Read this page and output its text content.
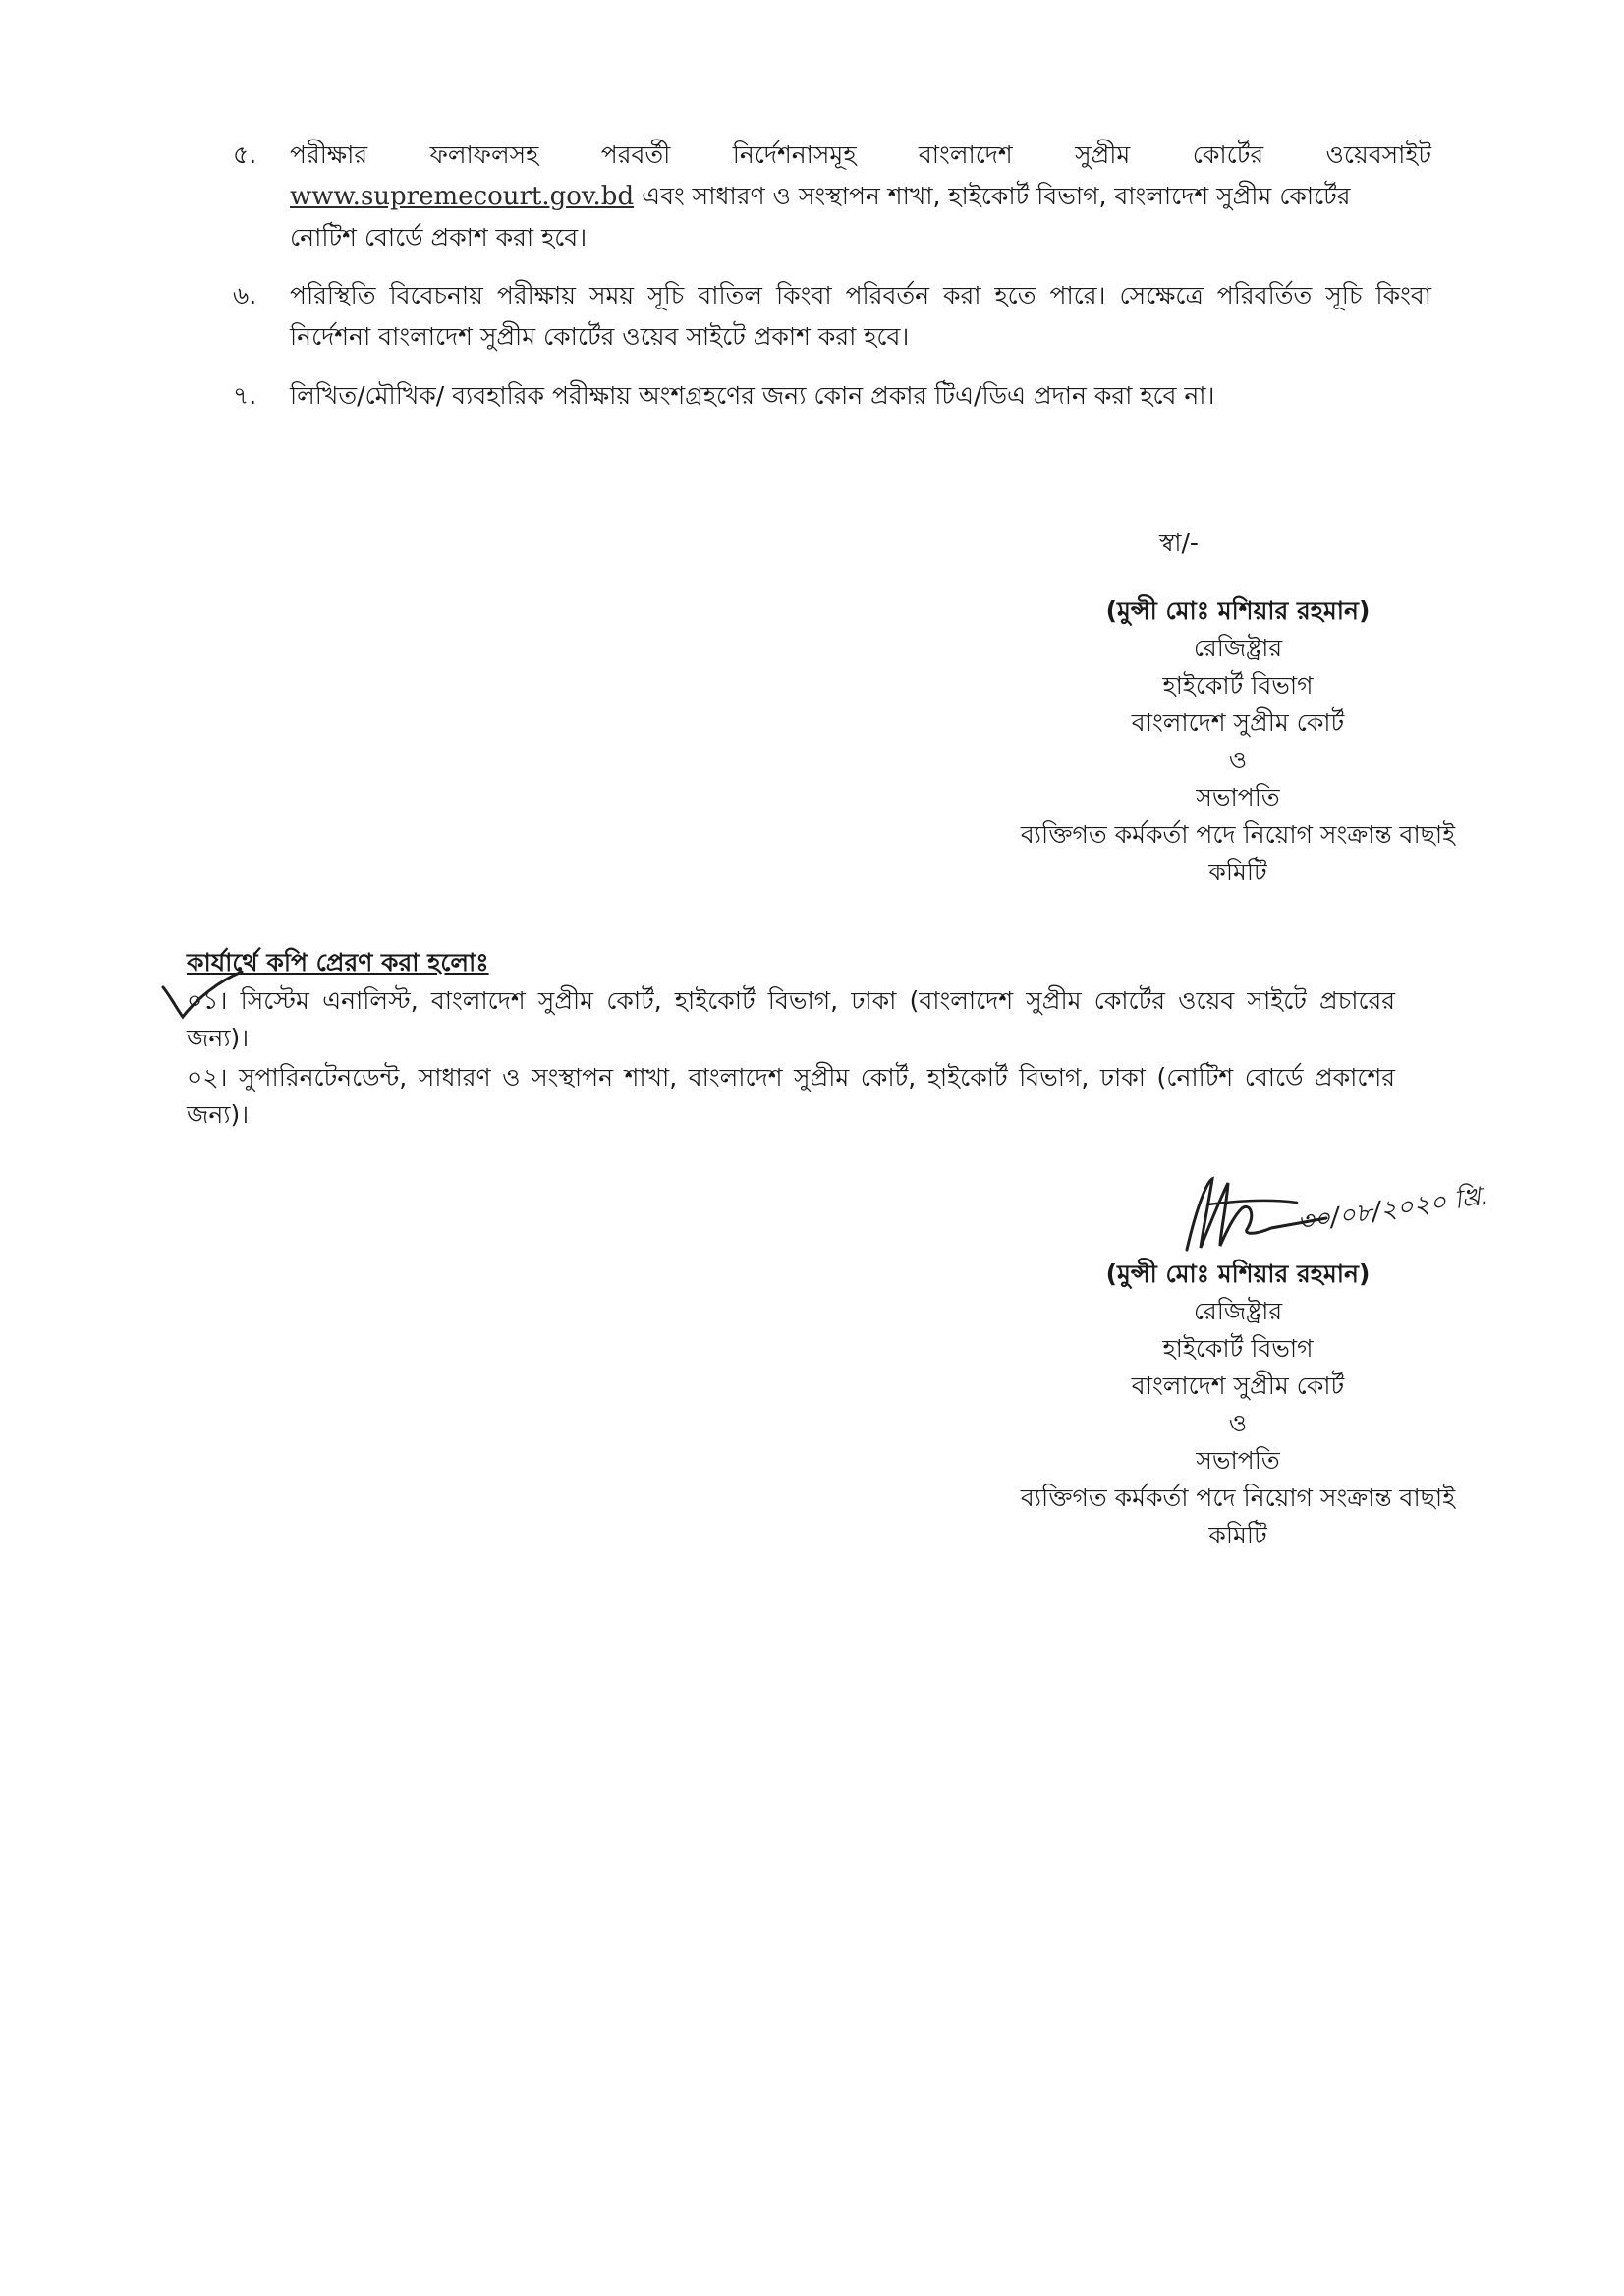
৫.	পরীক্ষার	ফলাফলসহ	পরবর্তী	নির্দেশনাসমূহ	বাংলাদেশ	সুপ্রীম	কোর্টের	ওয়েবসাইট
www.supremecourt.gov.bd এবং সাধারণ ও সংস্থাপন শাখা, হাইকোর্ট বিভাগ, বাংলাদেশ সুপ্রীম কোর্টের
নোটিশ বোর্ডে প্রকাশ করা হবে।
৬.	পরিস্থিতি বিবেচনায় পরীক্ষায় সময় সূচি বাতিল কিংবা পরিবর্তন করা হতে পারে। সেক্ষেত্রে পরিবর্তিত সূচি কিংবা
নির্দেশনা বাংলাদেশ সুপ্রীম কোর্টের ওয়েব সাইটে প্রকাশ করা হবে।
৭.	লিখিত/মৌখিক/ ব্যবহারিক পরীক্ষায় অংশগ্রহণের জন্য কোন প্রকার টিএ/ডিএ প্রদান করা হবে না।
স্বা/-
(মুন্সী মোঃ মশিয়ার রহমান)
রেজিষ্ট্রার
হাইকোর্ট বিভাগ
বাংলাদেশ সুপ্রীম কোর্ট
ও
সভাপতি
ব্যক্তিগত কর্মকর্তা পদে নিয়োগ সংক্রান্ত বাছাই
কমিটি
কার্যার্থে কপি প্রেরণ করা হলোঃ
০১। সিস্টেম এনালিস্ট, বাংলাদেশ সুপ্রীম কোর্ট, হাইকোর্ট বিভাগ, ঢাকা (বাংলাদেশ সুপ্রীম কোর্টের ওয়েব সাইটে প্রচারের
জন্য)।
০২। সুপারিনটেনডেন্ট, সাধারণ ও সংস্থাপন শাখা, বাংলাদেশ সুপ্রীম কোর্ট, হাইকোর্ট বিভাগ, ঢাকা (নোটিশ বোর্ডে প্রকাশের
জন্য)।
৩০/০৮/২০২০ খ্রি.
(মুন্সী মোঃ মশিয়ার রহমান)
রেজিষ্ট্রার
হাইকোর্ট বিভাগ
বাংলাদেশ সুপ্রীম কোর্ট
ও
সভাপতি
ব্যক্তিগত কর্মকর্তা পদে নিয়োগ সংক্রান্ত বাছাই
কমিটি
